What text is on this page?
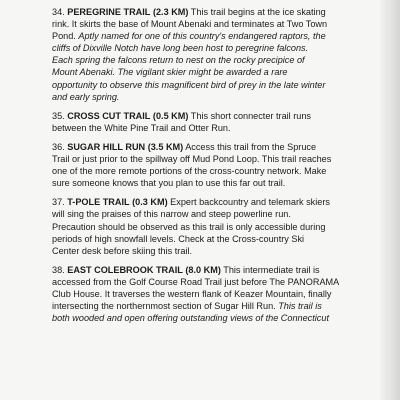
34. PEREGRINE TRAIL (2.3 KM) This trail begins at the ice skating
rink. It skirts the base of Mount Abenaki and terminates at Two Town
Pond. Aptly named for one of this country's endangered raptors, the
cliffs of Dixville Notch have long been host to peregrine falcons.
Each spring the falcons return to nest on the rocky precipice of
Mount Abenaki. The vigilant skier might be awarded a rare
opportunity to observe this magnificent bird of prey in the late winter
and early spring.
35. CROSS CUT TRAIL (0.5 KM) This short connecter trail runs
between the White Pine Trail and Otter Run.
36. SUGAR HILL RUN (3.5 KM) Access this trail from the Spruce
Trail or just prior to the spillway off Mud Pond Loop. This trail reaches
one of the more remote portions of the cross-country network. Make
sure someone knows that you plan to use this far out trail.
37. T-POLE TRAIL (0.3 KM) Expert backcountry and telemark skiers
will sing the praises of this narrow and steep powerline run.
Precaution should be observed as this trail is only accessible during
periods of high snowfall levels. Check at the Cross-country Ski
Center desk before skiing this trail.
38. EAST COLEBROOK TRAIL (8.0 KM) This intermediate trail is
accessed from the Golf Course Road Trail just before The PANORAMA
Club House. It traverses the western flank of Keazer Mountain, finally
intersecting the northernmost section of Sugar Hill Run. This trail is
both wooded and open offering outstanding views of the Connecticut
